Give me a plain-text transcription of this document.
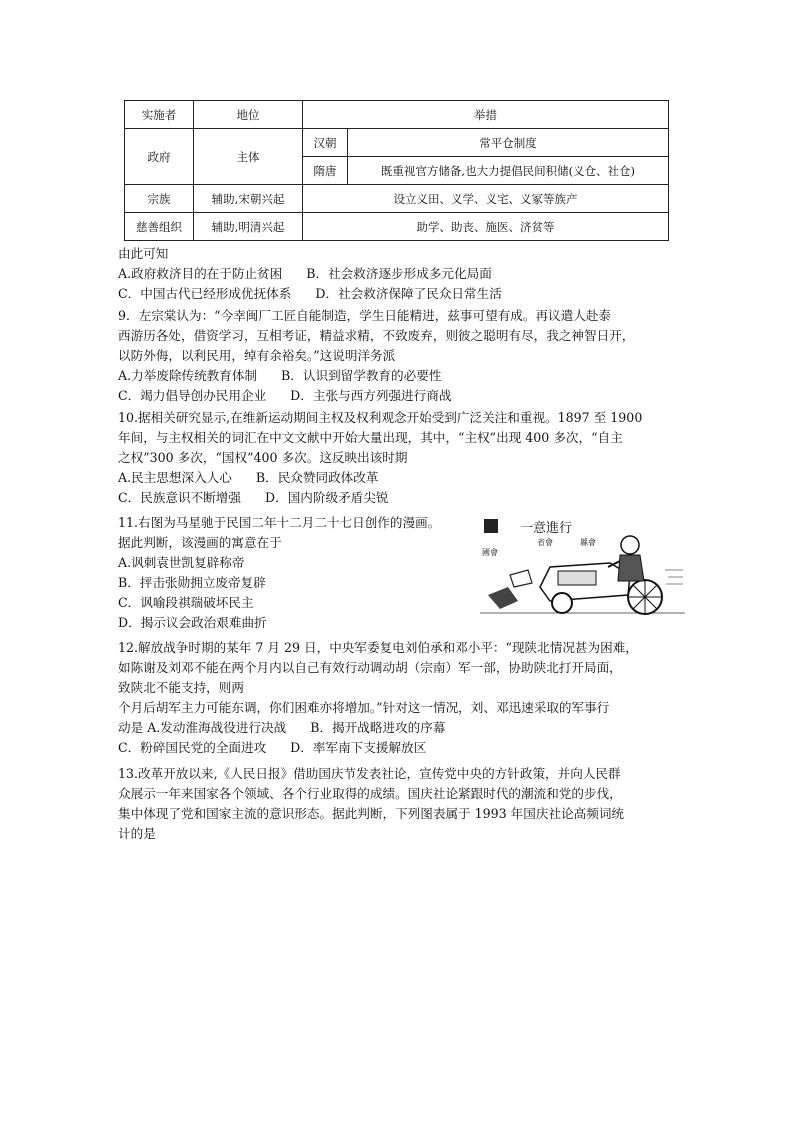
实施者	地位	举措	
政府	主体	汉朝	常平仓制度
		隋唐	既重视官方储备,也大力提倡民间积储(义仓、社仓)
宗族	辅助,宋朝兴起	设立义田、义学、义宅、义冢等族产	
慈善组织	辅助,明清兴起	助学、助丧、施医、济贫等	
由此可知
A.政府救济目的在于防止贫困      B．社会救济逐步形成多元化局面
C．中国古代已经形成优抚体系      D．社会救济保障了民众日常生活
9．左宗棠认为：“今幸闽厂工匠自能制造，学生日能精进，兹事可望有成。再议遣人赴泰
西游历各处，借资学习，互相考证，精益求精，不致废弃，则彼之聪明有尽，我之神智日开，
以防外侮，以利民用，绰有余裕矣。”这说明洋务派
A.力举废除传统教育体制      B．认识到留学教育的必要性
C．竭力倡导创办民用企业      D．主张与西方列强进行商战
10.据相关研究显示,在维新运动期间主权及权利观念开始受到广泛关注和重视。1897 至 1900
年间，与主权相关的词汇在中文文献中开始大量出现，其中，“主权”出现 400 多次，“自主
之权”300 多次，“国权”400 多次。这反映出该时期
A.民主思想深入人心      B．民众赞同政体改革
C．民族意识不断增强      D．国内阶级矛盾尖锐
11.右图为马星驰于民国二年十二月二十七日创作的漫画。
据此判断，该漫画的寓意在于
A.讽刺袁世凯复辟称帝
B．抨击张勋拥立废帝复辟
C．讽喻段祺瑞破坏民主
D．揭示议会政治艰难曲折
一意進行
國會
省會	縣會
12.解放战争时期的某年 7 月 29 日，中央军委复电刘伯承和邓小平：“现陕北情况甚为困难，
如陈谢及刘邓不能在两个月内以自己有效行动调动胡（宗南）军一部，协助陕北打开局面，
致陕北不能支持，则两
个月后胡军主力可能东调，你们困难亦将增加。”针对这一情况，刘、邓迅速采取的军事行
动是 A.发动淮海战役进行决战      B．揭开战略进攻的序幕
C．粉碎国民党的全面进攻      D．率军南下支援解放区
13.改革开放以来,《人民日报》借助国庆节发表社论，宣传党中央的方针政策，并向人民群
众展示一年来国家各个领域、各个行业取得的成绩。国庆社论紧跟时代的潮流和党的步伐，
集中体现了党和国家主流的意识形态。据此判断，下列图表属于 1993 年国庆社论高频词统
计的是
